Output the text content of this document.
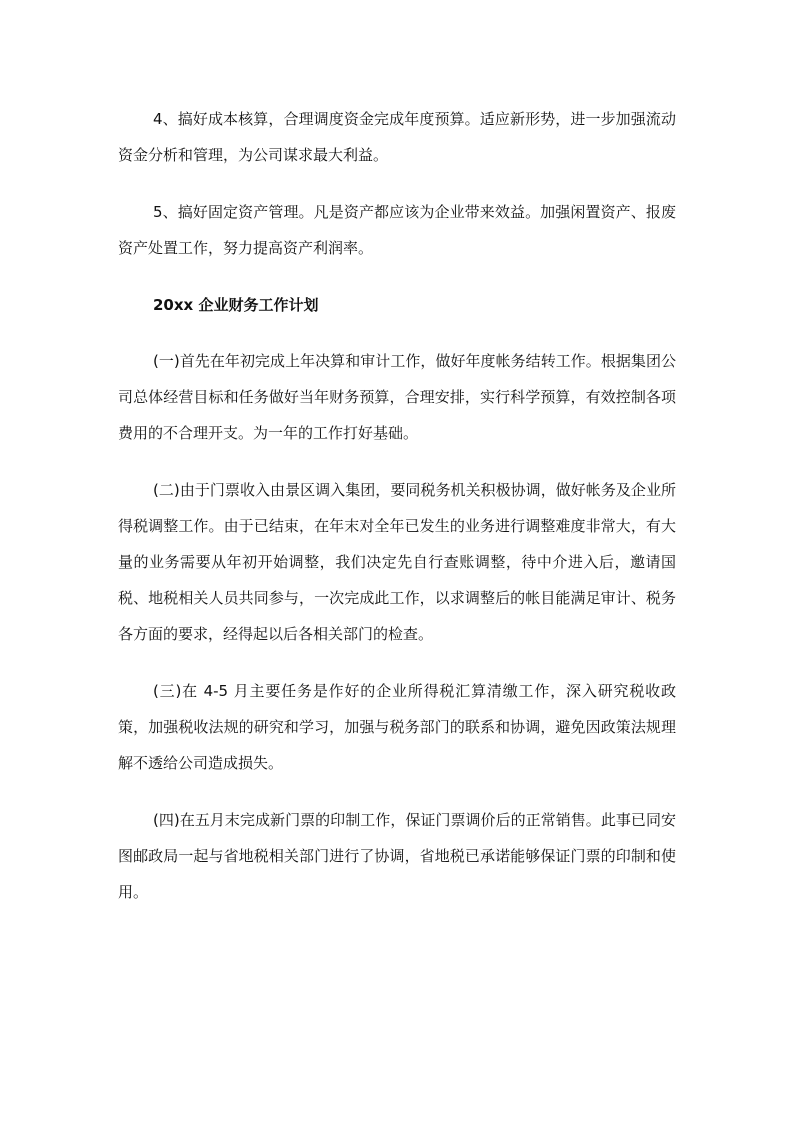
4、搞好成本核算，合理调度资金完成年度预算。适应新形势，进一步加强流动资金分析和管理，为公司谋求最大利益。

5、搞好固定资产管理。凡是资产都应该为企业带来效益。加强闲置资产、报废资产处置工作，努力提高资产利润率。

20xx 企业财务工作计划

(一)首先在年初完成上年决算和审计工作，做好年度帐务结转工作。根据集团公司总体经营目标和任务做好当年财务预算，合理安排，实行科学预算，有效控制各项费用的不合理开支。为一年的工作打好基础。

(二)由于门票收入由景区调入集团，要同税务机关积极协调，做好帐务及企业所得税调整工作。由于已结束，在年末对全年已发生的业务进行调整难度非常大，有大量的业务需要从年初开始调整，我们决定先自行查账调整，待中介进入后，邀请国税、地税相关人员共同参与，一次完成此工作，以求调整后的帐目能满足审计、税务各方面的要求，经得起以后各相关部门的检查。

(三)在 4-5 月主要任务是作好的企业所得税汇算清缴工作，深入研究税收政策，加强税收法规的研究和学习，加强与税务部门的联系和协调，避免因政策法规理解不透给公司造成损失。

(四)在五月末完成新门票的印制工作，保证门票调价后的正常销售。此事已同安图邮政局一起与省地税相关部门进行了协调，省地税已承诺能够保证门票的印制和使用。
